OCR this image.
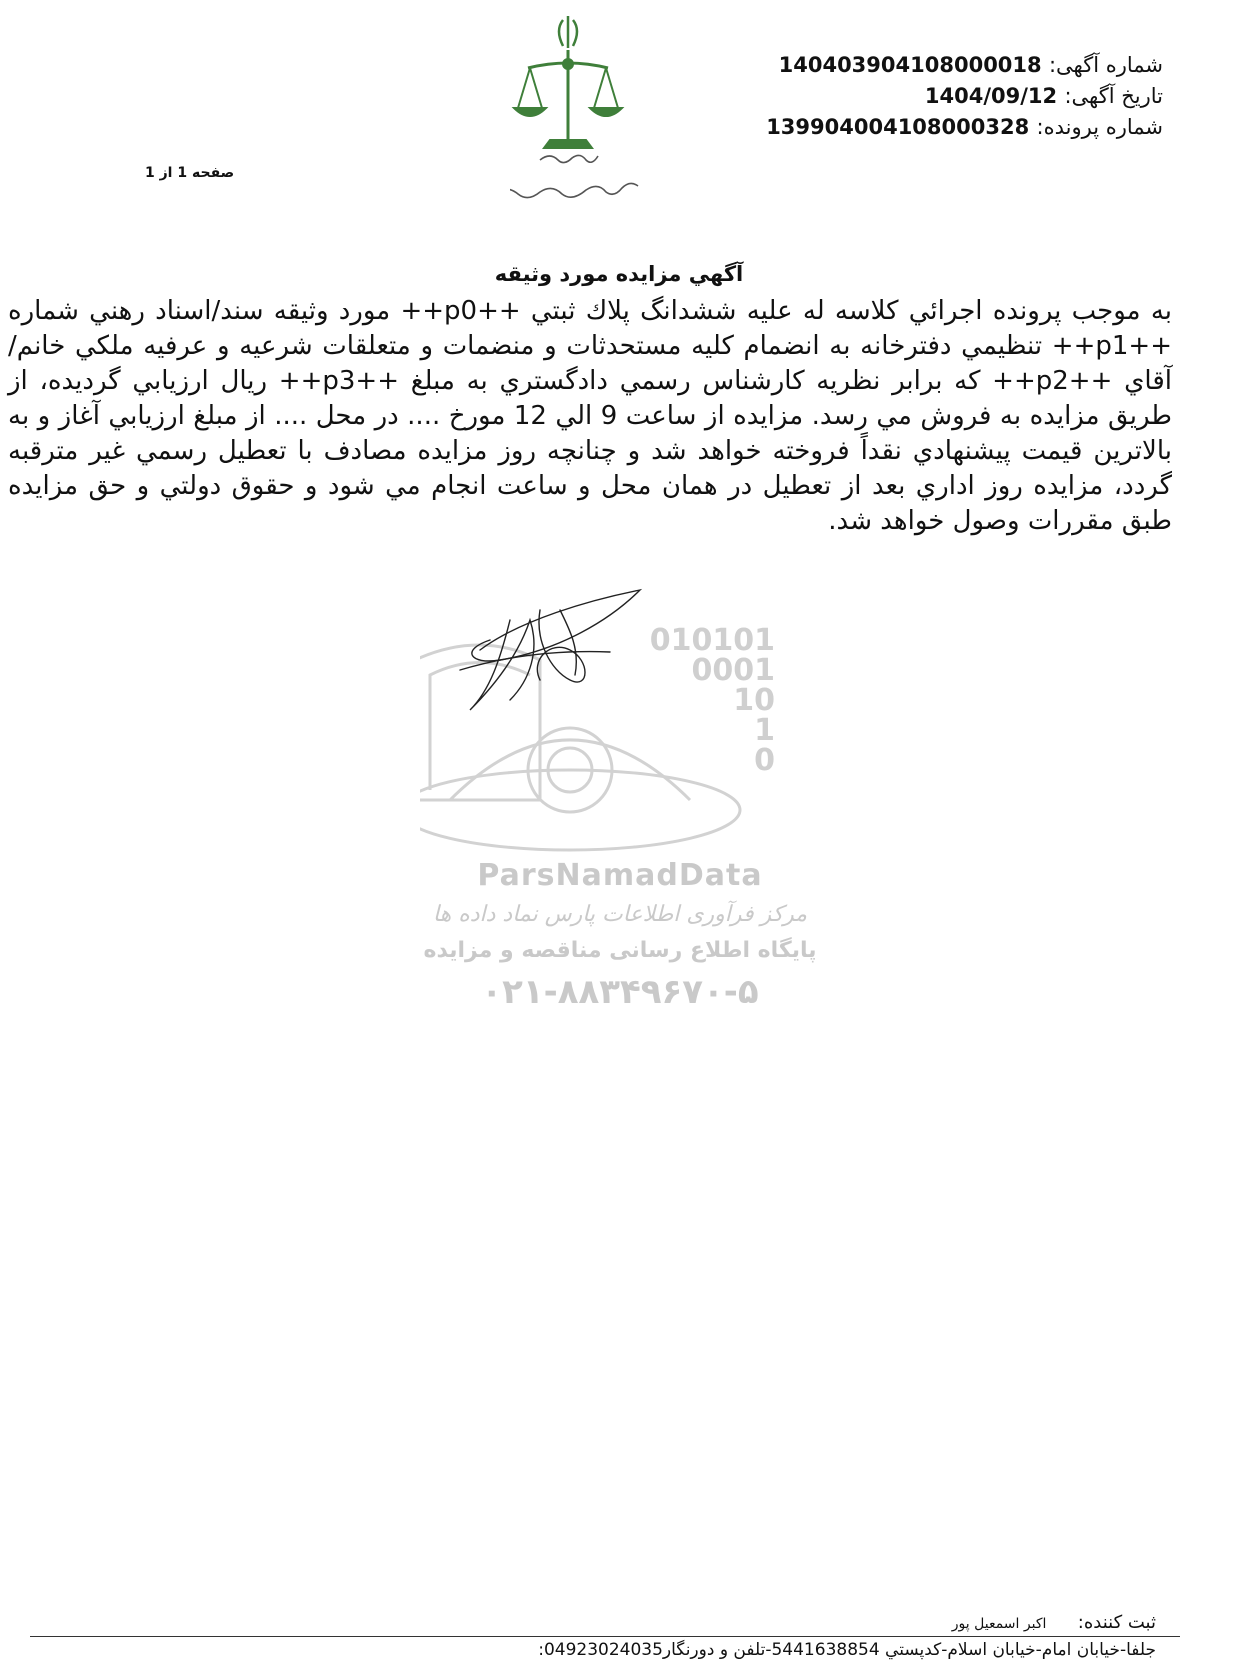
شماره آگهی: 140403904108000018
تاریخ آگهی: 1404/09/12
شماره پرونده: 139904004108000328
صفحه 1 از 1
آگهي مزايده مورد وثيقه
به موجب پرونده اجرائي كلاسه له عليه ششدانگ پلاك ثبتي ++p0++ مورد وثيقه سند/اسناد رهني شماره ++p1++ تنظيمي دفترخانه به انضمام كليه مستحدثات و منضمات و متعلقات شرعيه و عرفيه ملكي خانم/آقاي ++p2++ كه برابر نظريه كارشناس رسمي دادگستري به مبلغ ++p3++ ريال ارزيابي گرديده، از طريق مزايده به فروش مي رسد. مزايده از ساعت 9 الي 12 مورخ .... در محل .... از مبلغ ارزيابي آغاز و به بالاترين قيمت پيشنهادي نقداً فروخته خواهد شد و چنانچه روز مزايده مصادف با تعطيل رسمي غير مترقبه گردد، مزايده روز اداري بعد از تعطيل در همان محل و ساعت انجام مي شود و حقوق دولتي و حق مزايده طبق مقررات وصول خواهد شد.
010101
0001
10
1
0
ParsNamadData
مرکز فرآوری اطلاعات پارس نماد داده ها
پایگاه اطلاع رسانی مناقصه و مزایده
۰۲۱-۸۸۳۴۹۶۷۰-۵
ثبت كننده: اكبر اسمعيل پور
جلفا-خيابان امام-خيابان اسلام-كدپستي 5441638854-تلفن و دورنگار04923024035:
